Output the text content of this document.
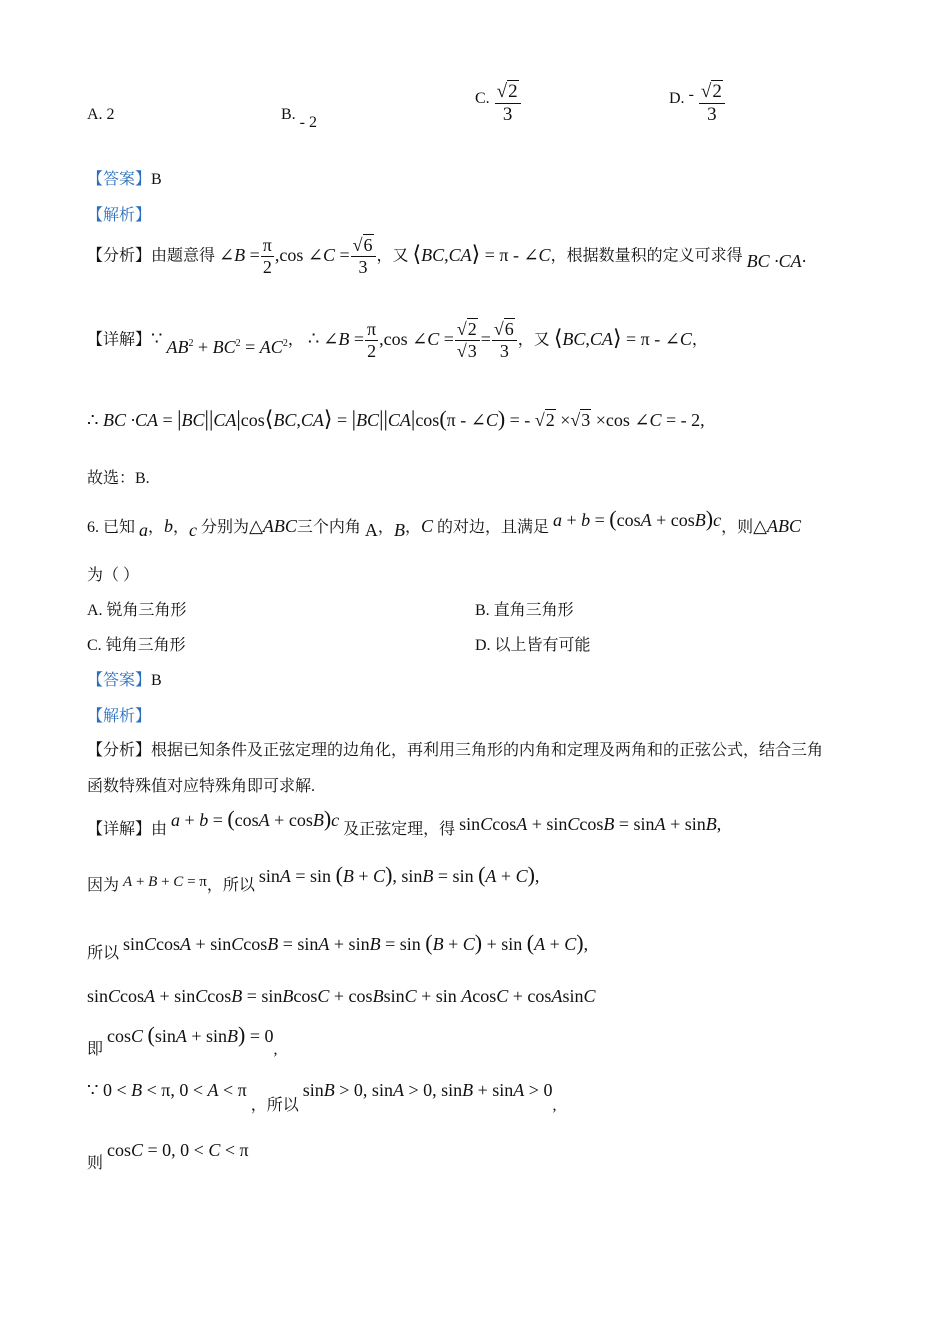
A. 2	B. - 2
C. $\frac{√2}{3}$	D. - $\frac{√2}{3}$
【答案】B
【解析】
【分析】由题意得 ∠B = $\frac{\pi}{2} ,\cos$ ∠C = $\frac{√6}{3}$ ，又 ⟨BC,CA⟩ = π - ∠C，根据数量积的定义可求得 BC ·CA·
【详解】∵ $AB^2 + BC^2 = AC^2$， ∴ ∠B = $\frac{\pi}{2} ,\cos$ ∠C = $\frac{√2}{√3} = \frac{√6}{3}$ ，又 ⟨BC,CA⟩ = π - ∠C，
∴ BC ·CA = |BC||CA|cos⟨BC,CA⟩ = |BC||CA|cos(π - ∠C) = - √2 ×√3 ×cos ∠C = - 2,
故选：B.
6. 已知 a，b，c 分别为△ABC三个内角 A，B，C 的对边，且满足 a + b = (cosA + cosB)c，则△ABC
为（ ）
A. 锐角三角形	B. 直角三角形
C. 钝角三角形	D. 以上皆有可能
【答案】B
【解析】
【分析】根据已知条件及正弦定理的边角化，再利用三角形的内角和定理及两角和的正弦公式，结合三角
函数特殊值对应特殊角即可求解.
【详解】由 a + b = (cosA + cosB)c 及正弦定理，得 sinCcosA + sinCcosB = sinA + sinB,
因为 A + B + C = π，所以 sinA = sin (B + C), sinB = sin (A + C),
所以 sinCcosA + sinCcosB = sinA + sinB = sin (B + C) + sin (A + C),
sinCcosA + sinCcosB = sinBcosC + cosBsinC + sin AcosC + cosAsinC
即 cosC (sinA + sinB) = 0,
∵ 0 < B < π, 0 < A < π ，所以 sinB > 0, sinA > 0, sinB + sinA > 0,
则 cosC = 0, 0 < C < π
